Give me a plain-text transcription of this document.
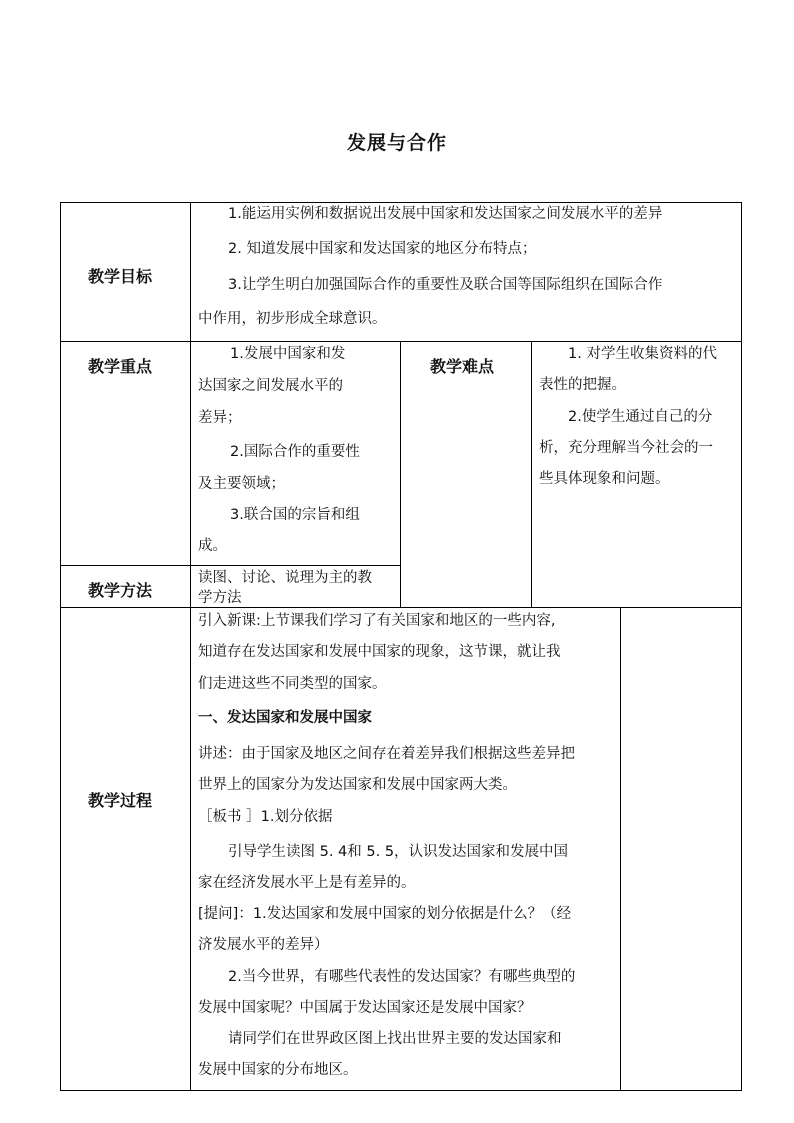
发展与合作
教学目标
1.能运用实例和数据说出发展中国家和发达国家之间发展水平的差异
2. 知道发展中国家和发达国家的地区分布特点；
3.让学生明白加强国际合作的重要性及联合国等国际组织在国际合作
中作用，初步形成全球意识。
教学重点
1.发展中国家和发
达国家之间发展水平的
差异；
2.国际合作的重要性
及主要领域；
3.联合国的宗旨和组
成。
教学难点
1. 对学生收集资料的代
表性的把握。
2.使学生通过自己的分
析，充分理解当今社会的一
些具体现象和问题。
教学方法
读图、讨论、说理为主的教
学方法
教学过程
引入新课:上节课我们学习了有关国家和地区的一些内容,
知道存在发达国家和发展中国家的现象，这节课，就让我
们走进这些不同类型的国家。
一、发达国家和发展中国家
讲述：由于国家及地区之间存在着差异我们根据这些差异把
世界上的国家分为发达国家和发展中国家两大类。
［板书 ］1.划分依据
引导学生读图 5. 4和 5. 5，认识发达国家和发展中国
家在经济发展水平上是有差异的。
[提问]：1.发达国家和发展中国家的划分依据是什么？（经
济发展水平的差异）
2.当今世界，有哪些代表性的发达国家？有哪些典型的
发展中国家呢？中国属于发达国家还是发展中国家？
请同学们在世界政区图上找出世界主要的发达国家和
发展中国家的分布地区。
